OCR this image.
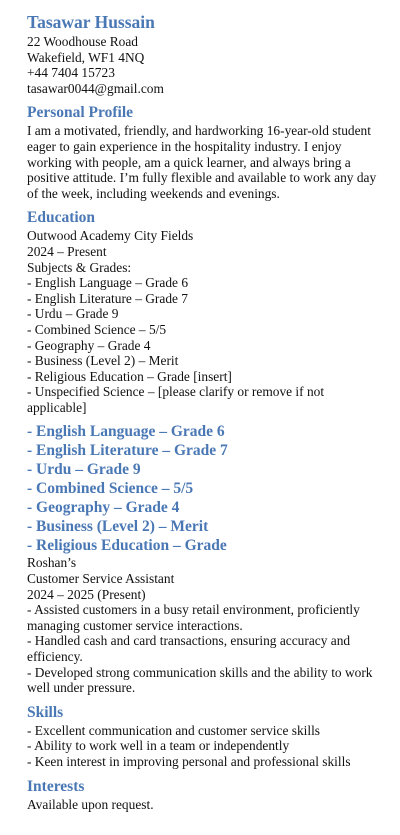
Tasawar Hussain
22 Woodhouse Road
Wakefield, WF1 4NQ
+44 7404 15723
tasawar0044@gmail.com
Personal Profile
I am a motivated, friendly, and hardworking 16-year-old student eager to gain experience in the hospitality industry. I enjoy working with people, am a quick learner, and always bring a positive attitude. I’m fully flexible and available to work any day of the week, including weekends and evenings.
Education
Outwood Academy City Fields
2024 – Present
Subjects & Grades:
- English Language – Grade 6
- English Literature – Grade 7
- Urdu – Grade 9
- Combined Science – 5/5
- Geography – Grade 4
- Business (Level 2) – Merit
- Religious Education – Grade [insert]
- Unspecified Science – [please clarify or remove if not applicable]
- English Language – Grade 6
- English Literature – Grade 7
- Urdu – Grade 9
- Combined Science – 5/5
- Geography – Grade 4
- Business (Level 2) – Merit
- Religious Education – Grade
Roshan’s
Customer Service Assistant
2024 – 2025 (Present)
- Assisted customers in a busy retail environment, proficiently managing customer service interactions.
- Handled cash and card transactions, ensuring accuracy and efficiency.
- Developed strong communication skills and the ability to work well under pressure.
Skills
- Excellent communication and customer service skills
- Ability to work well in a team or independently
- Keen interest in improving personal and professional skills
Interests
Available upon request.
